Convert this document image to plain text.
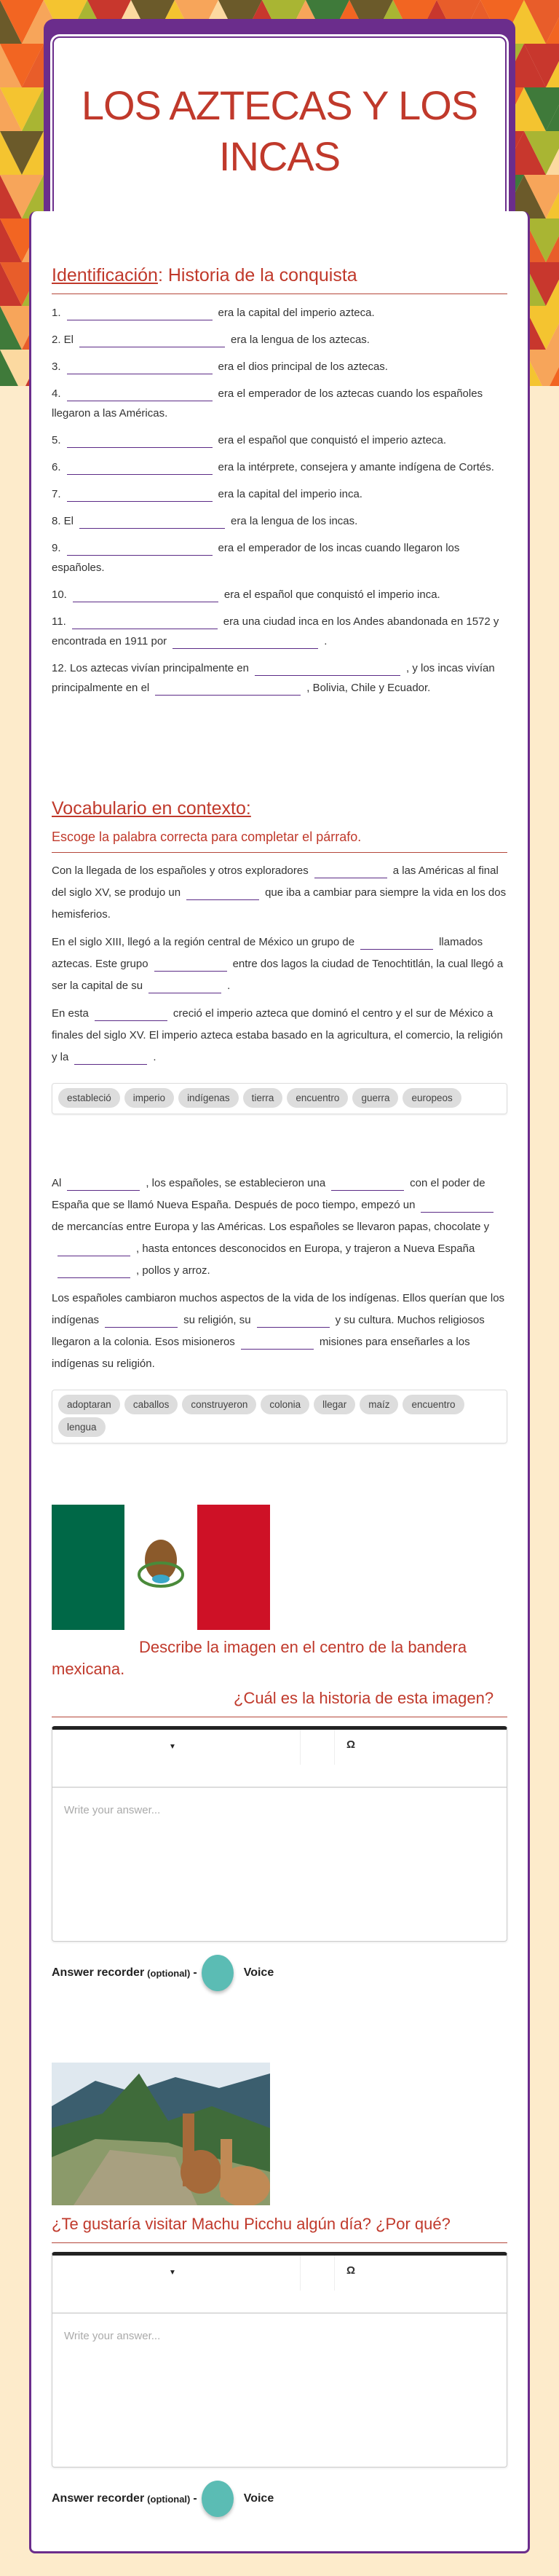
LOS AZTECAS Y LOS INCAS
Identificación: Historia de la conquista

1.	era la capital del imperio azteca.

2. El	era la lengua de los aztecas.

3.	era el dios principal de los aztecas.

4.	era el emperador de los aztecas cuando los españoles llegaron a las Américas.

5.	era el español que conquistó el imperio azteca.

6.	era la intérprete, consejera y amante indígena de Cortés.

7.	era la capital del imperio inca.

8. El	era la lengua de los incas.

9.	era el emperador de los incas cuando llegaron los españoles.

10.	era el español que conquistó el imperio inca.

11.	era una ciudad inca en los Andes abandonada en 1572 y encontrada en 1911 por	.

12. Los aztecas vivían principalmente en	, y los incas vivían principalmente en el	, Bolivia, Chile y Ecuador.

Vocabulario en contexto:
Escoge la palabra correcta para completar el párrafo.

Con la llegada de los españoles y otros exploradores	a las Américas al final del siglo XV, se produjo un	que iba a cambiar para siempre la vida en los dos hemisferios.

En el siglo XIII, llegó a la región central de México un grupo de	llamados aztecas. Este grupo	entre dos lagos la ciudad de Tenochtitlán, la cual llegó a ser la capital de su	.

En esta	creció el imperio azteca que dominó el centro y el sur de México a finales del siglo XV. El imperio azteca estaba basado en la agricultura, el comercio, la religión y la	.

estableció imperio indígenas tierra encuentro guerra europeos

Al	, los españoles, se establecieron una	con el poder de España que se llamó Nueva España. Después de poco tiempo, empezó unde mercancías entre Europa y las Américas. Los españoles se llevaron papas, chocolate y, hasta entonces desconocidos en Europa, y trajeron a Nueva España, pollos y arroz.

Los españoles cambiaron muchos aspectos de la vida de los indígenas. Ellos querían que los indígenas	su religión, su	y su cultura. Muchos religiosos llegaron a la colonia. Esos misioneros	misiones para enseñarles a los indígenas su religión.

adoptaran caballos construyeron colonia llegar maíz encuentrolengua
Describe la imagen en el centro de la bandera mexicana.
¿Cuál es la historia de esta imagen?
▼	Ω
Write your answer...
Answer recorder (optional) -	Voice
¿Te gustaría visitar Machu Picchu algún día? ¿Por qué?
▼	Ω
Write your answer...
Answer recorder (optional) -	Voice
